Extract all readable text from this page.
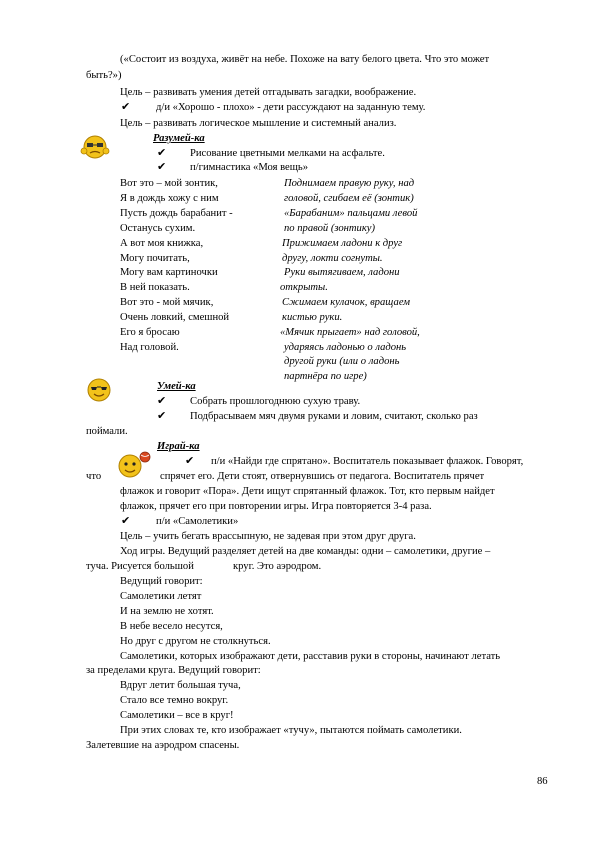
(«Состоит из воздуха, живёт на небе. Похоже на вату белого цвета. Что это может
быть?»)
Цель – развивать умения детей отгадывать загадки, воображение.
✔ д/и «Хорошо - плохо» - дети рассуждают на заданную тему.
Цель – развивать логическое мышление и системный анализ.
Разумей-ка
✔ Рисование цветными мелками на асфальте.
✔ п/гимнастика «Моя вещь»
Вот это – мой зонтик,
Я в дождь хожу с ним
Пусть дождь барабанит -
Останусь сухим.
А вот моя книжка,
Могу почитать,
Могу вам картиночки
В ней показать.
Вот это - мой мячик,
Очень ловкий, смешной
Его я бросаю
Над головой.
Поднимаем правую руку, над
головой, сгибаем её (зонтик)
«Барабаним» пальцами левой
по правой (зонтику)
Прижимаем ладони к друг
другу, локти согнуты.
Руки вытягиваем, ладони
открыты.
Сжимаем кулачок, вращаем
кистью руки.
«Мячик прыгает» над головой,
ударяясь ладонью о ладонь
другой руки (или о ладонь
партнёра по игре)
Умей-ка
✔ Собрать прошлогоднюю сухую траву.
✔ Подбрасываем мяч двумя руками и ловим, считают, сколько раз
поймали.
Играй-ка
✔ п/и «Найди где спрятано». Воспитатель показывает флажок. Говорят,
что	спрячет его. Дети стоят, отвернувшись от педагога. Воспитатель прячет
флажок и говорит «Пора». Дети ищут спрятанный флажок. Тот, кто первым найдет
флажок, прячет его при повторении игры. Игра повторяется 3-4 раза.
✔ п/и «Самолетики»
Цель – учить бегать врассыпную, не задевая при этом друг друга.
Ход игры. Ведущий разделяет детей на две команды: одни – самолетики, другие –
туча. Рисуется большой	круг. Это аэродром.
Ведущий говорит:
Самолетики летят
И на землю не хотят.
В небе весело несутся,
Но друг с другом не столкнуться.
Самолетики, которых изображают дети, расставив руки в стороны, начинают летать
за пределами круга. Ведущий говорит:
Вдруг летит большая туча,
Стало все темно вокруг.
Самолетики – все в круг!
При этих словах те, кто изображает «тучу», пытаются поймать самолетики.
Залетевшие на аэродром спасены.
86
